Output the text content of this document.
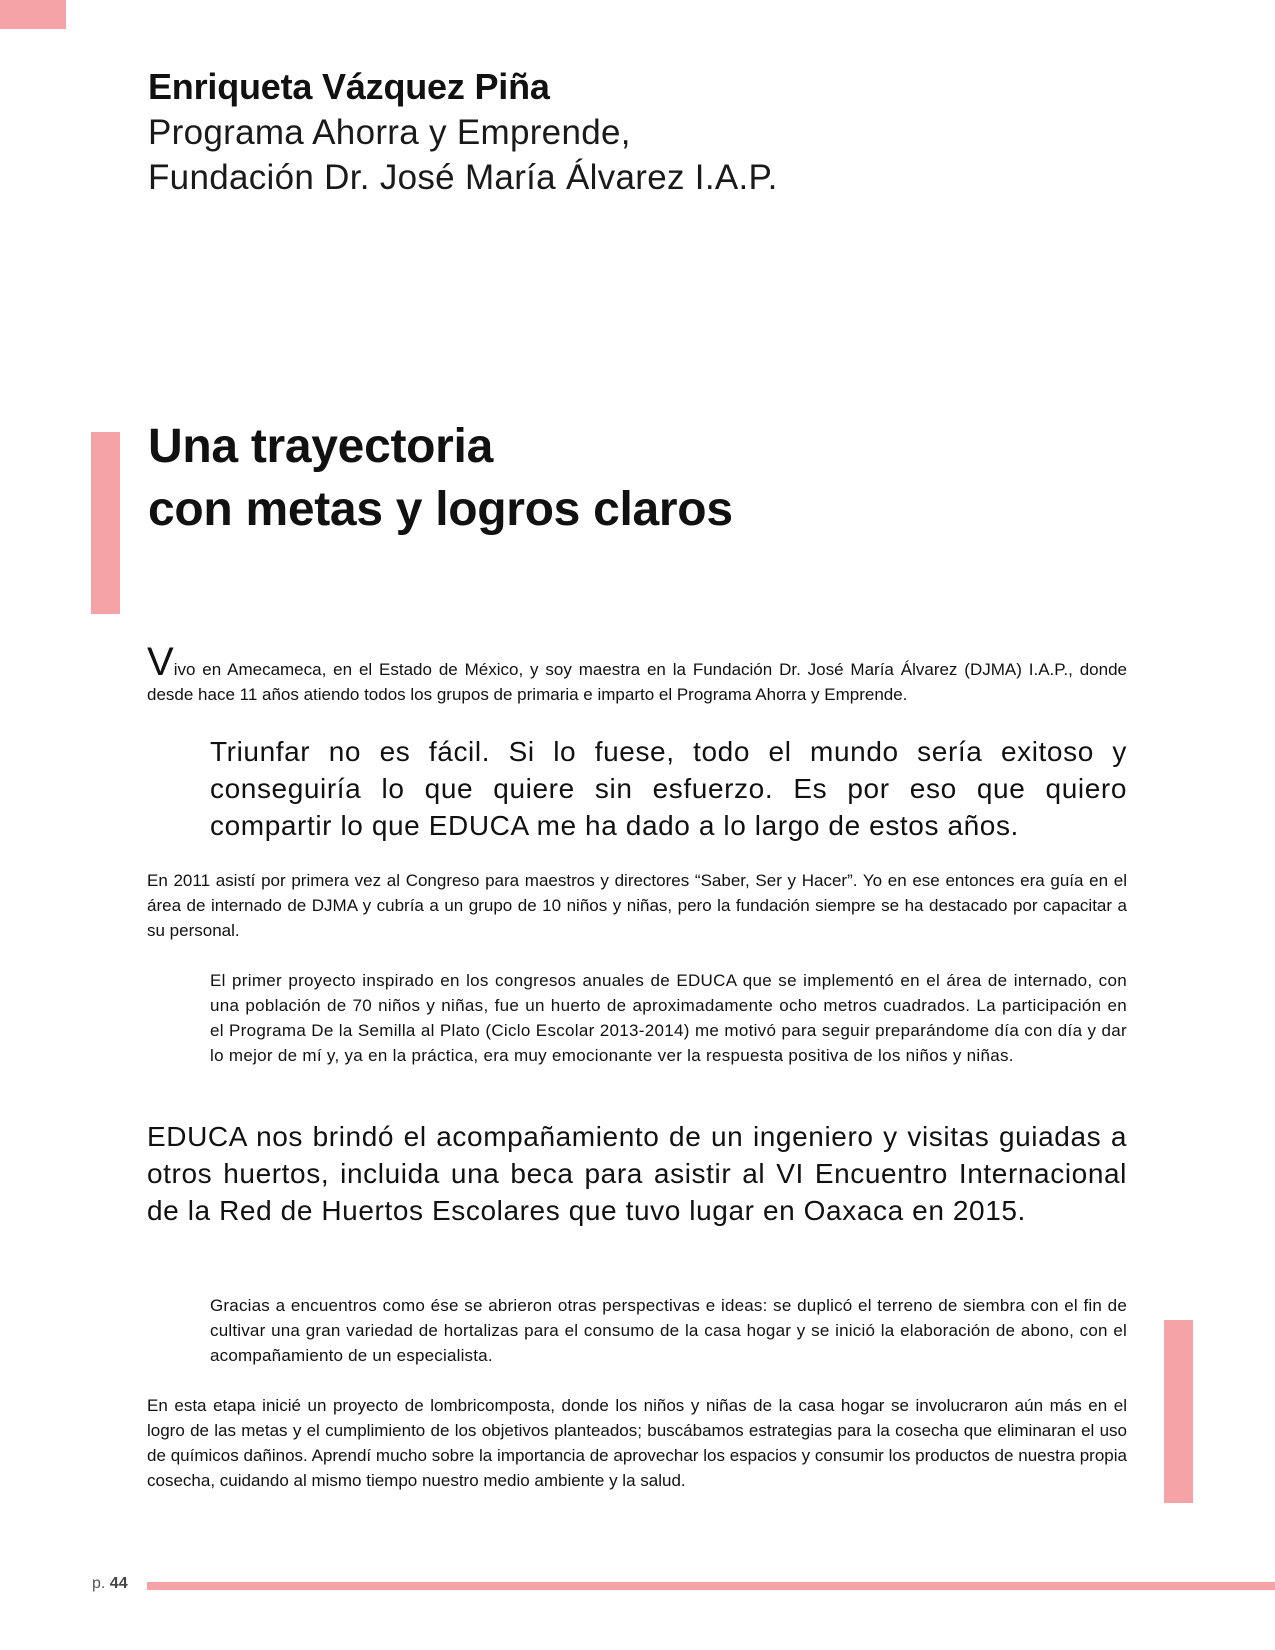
Enriqueta Vázquez Piña
Programa Ahorra y Emprende,
Fundación Dr. José María Álvarez I.A.P.
Una trayectoria
con metas y logros claros

Vivo en Amecameca, en el Estado de México, y soy maestra en la Fundación Dr. José María Álvarez (DJMA) I.A.P., donde desde hace 11 años atiendo todos los grupos de primaria e imparto el Programa Ahorra y Emprende.

Triunfar no es fácil. Si lo fuese, todo el mundo sería exitoso y conseguiría lo que quiere sin esfuerzo. Es por eso que quiero compartir lo que EDUCA me ha dado a lo largo de estos años.

En 2011 asistí por primera vez al Congreso para maestros y directores “Saber, Ser y Hacer”. Yo en ese entonces era guía en el área de internado de DJMA y cubría a un grupo de 10 niños y niñas, pero la fundación siempre se ha destacado por capacitar a su personal.

El primer proyecto inspirado en los congresos anuales de EDUCA que se implementó en el área de internado, con una población de 70 niños y niñas, fue un huerto de aproximadamente ocho metros cuadrados. La participación en el Programa De la Semilla al Plato (Ciclo Escolar 2013-2014) me motivó para seguir preparándome día con día y dar lo mejor de mí y, ya en la práctica, era muy emocionante ver la respuesta positiva de los niños y niñas.

EDUCA nos brindó el acompañamiento de un ingeniero y visitas guiadas a otros huertos, incluida una beca para asistir al VI Encuentro Internacional de la Red de Huertos Escolares que tuvo lugar en Oaxaca en 2015.

Gracias a encuentros como ése se abrieron otras perspectivas e ideas: se duplicó el terreno de siembra con el fin de cultivar una gran variedad de hortalizas para el consumo de la casa hogar y se inició la elaboración de abono, con el acompañamiento de un especialista.

En esta etapa inicié un proyecto de lombricomposta, donde los niños y niñas de la casa hogar se involucraron aún más en el logro de las metas y el cumplimiento de los objetivos planteados; buscábamos estrategias para la cosecha que eliminaran el uso de químicos dañinos. Aprendí mucho sobre la importancia de aprovechar los espacios y consumir los productos de nuestra propia cosecha, cuidando al mismo tiempo nuestro medio ambiente y la salud.

p. 44
